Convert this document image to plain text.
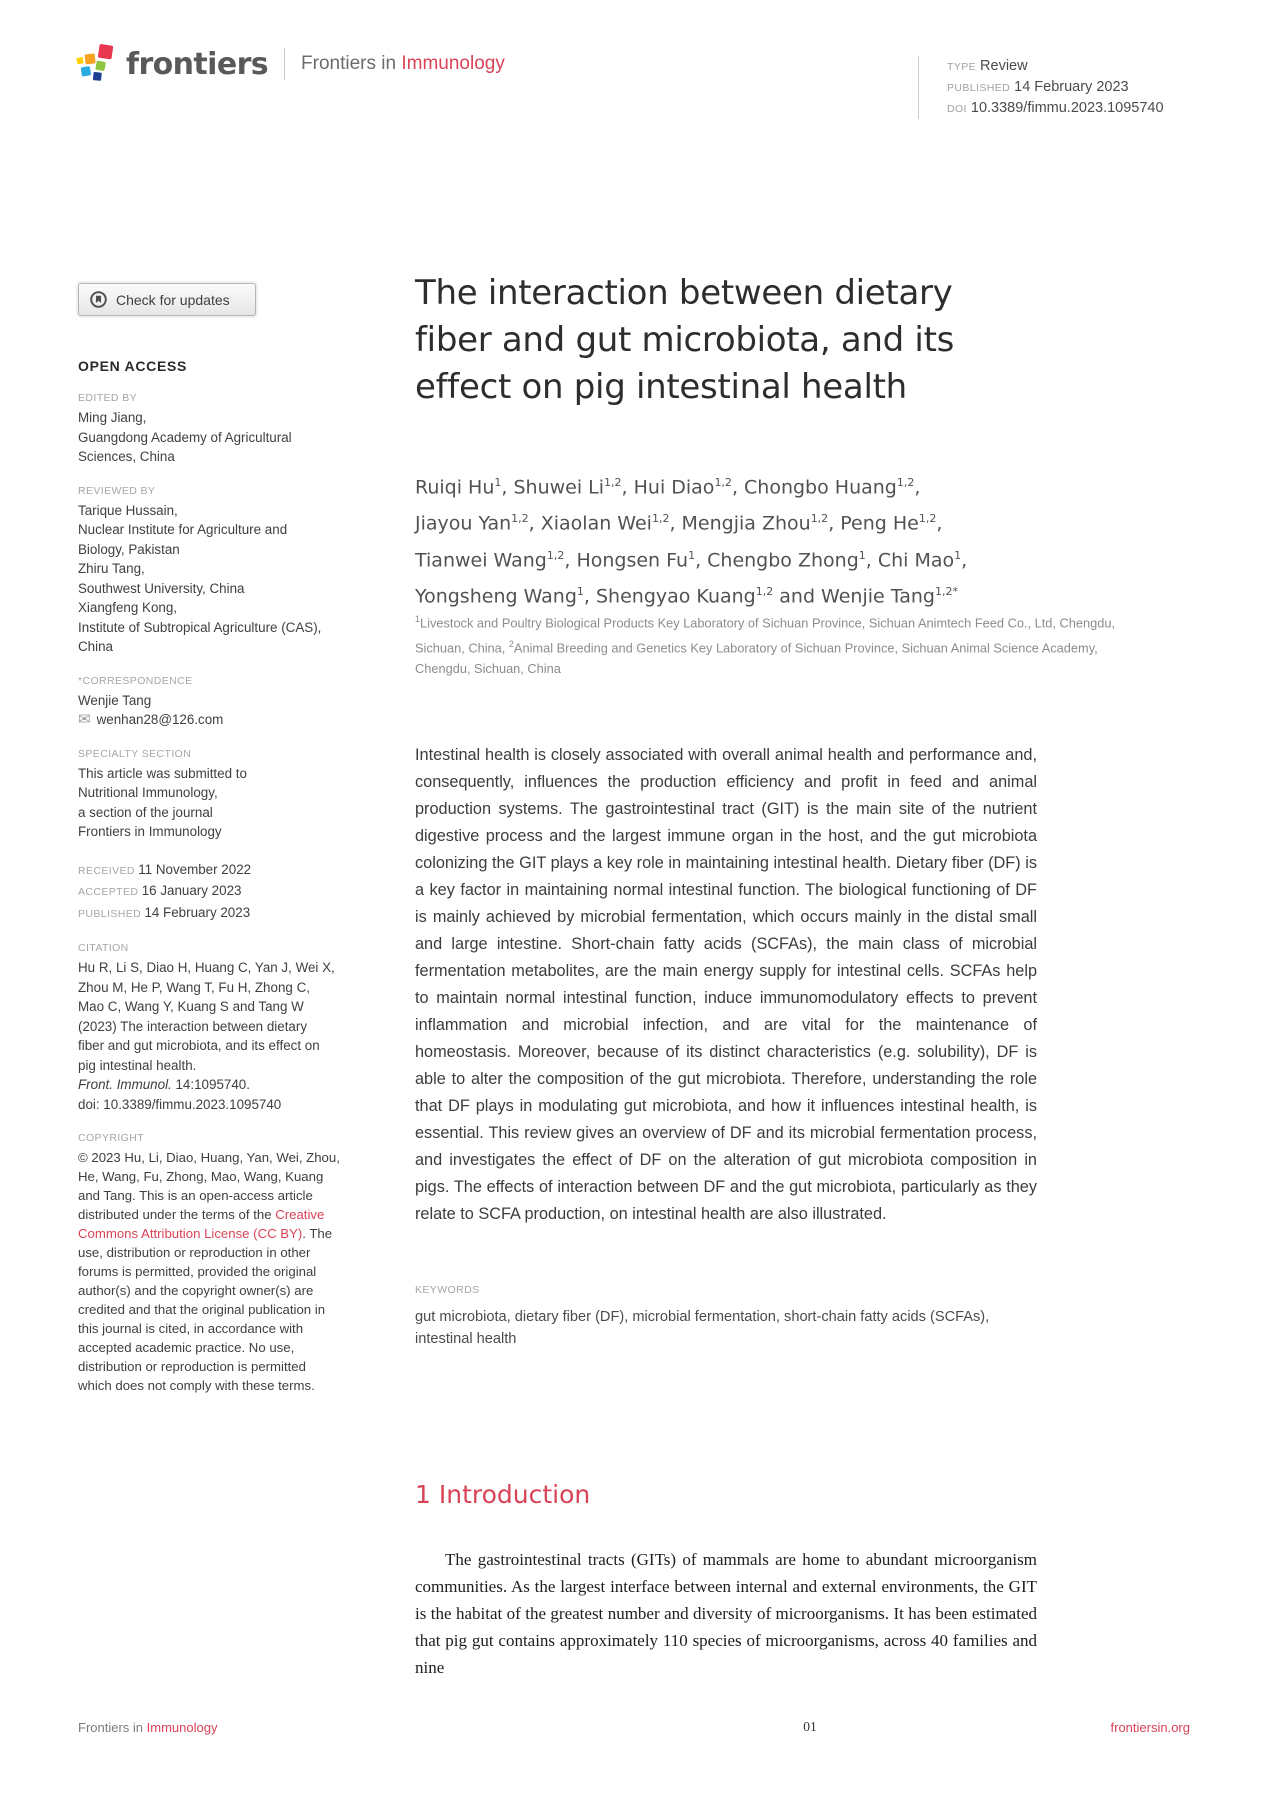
frontiers Frontiers in Immunology	TYPE Review
PUBLISHED 14 February 2023
DOI 10.3389/fimmu.2023.1095740
Check for updates
OPEN ACCESS
EDITED BY
Ming Jiang,
Guangdong Academy of Agricultural
Sciences, China
REVIEWED BY
Tarique Hussain,
Nuclear Institute for Agriculture and
Biology, Pakistan
Zhiru Tang,
Southwest University, China
Xiangfeng Kong,
Institute of Subtropical Agriculture (CAS),
China
*CORRESPONDENCE
Wenjie Tang
✉ wenhan28@126.com
SPECIALTY SECTION
This article was submitted to
Nutritional Immunology,
a section of the journal
Frontiers in Immunology
RECEIVED 11 November 2022
ACCEPTED 16 January 2023
PUBLISHED 14 February 2023
CITATION
Hu R, Li S, Diao H, Huang C, Yan J, Wei X,
Zhou M, He P, Wang T, Fu H, Zhong C,
Mao C, Wang Y, Kuang S and Tang W
(2023) The interaction between dietary
fiber and gut microbiota, and its effect on
pig intestinal health.
Front. Immunol. 14:1095740.
doi: 10.3389/fimmu.2023.1095740
COPYRIGHT

© 2023 Hu, Li, Diao, Huang, Yan, Wei, Zhou, He, Wang, Fu, Zhong, Mao, Wang, Kuang and Tang. This is an open-access article distributed under the terms of the Creative Commons Attribution License (CC BY). The use, distribution or reproduction in other forums is permitted, provided the original author(s) and the copyright owner(s) are credited and that the original publication in this journal is cited, in accordance with accepted academic practice. No use, distribution or reproduction is permitted which does not comply with these terms.

The interaction between dietary fiber and gut microbiota, and its effect on pig intestinal health
Ruiqi Hu$^1$, Shuwei Li$^{1,2}$, Hui Diao$^{1,2}$, Chongbo Huang$^{1,2}$,
Jiayou Yan$^{1,2}$, Xiaolan Wei$^{1,2}$, Mengjia Zhou$^{1,2}$, Peng He$^{1,2}$,
Tianwei Wang$^{1,2}$, Hongsen Fu$^1$, Chengbo Zhong$^1$, Chi Mao$^1$,
Yongsheng Wang$^1$, Shengyao Kuang$^{1,2}$ and Wenjie Tang$^{1,2*}$
$^1$Livestock and Poultry Biological Products Key Laboratory of Sichuan Province, Sichuan Animtech Feed Co., Ltd, Chengdu, Sichuan, China, $^2$Animal Breeding and Genetics Key Laboratory of Sichuan Province, Sichuan Animal Science Academy, Chengdu, Sichuan, China

Intestinal health is closely associated with overall animal health and performance and, consequently, influences the production efficiency and profit in feed and animal production systems. The gastrointestinal tract (GIT) is the main site of the nutrient digestive process and the largest immune organ in the host, and the gut microbiota colonizing the GIT plays a key role in maintaining intestinal health. Dietary fiber (DF) is a key factor in maintaining normal intestinal function. The biological functioning of DF is mainly achieved by microbial fermentation, which occurs mainly in the distal small and large intestine. Short-chain fatty acids (SCFAs), the main class of microbial fermentation metabolites, are the main energy supply for intestinal cells. SCFAs help to maintain normal intestinal function, induce immunomodulatory effects to prevent inflammation and microbial infection, and are vital for the maintenance of homeostasis. Moreover, because of its distinct characteristics (e.g. solubility), DF is able to alter the composition of the gut microbiota. Therefore, understanding the role that DF plays in modulating gut microbiota, and how it influences intestinal health, is essential. This review gives an overview of DF and its microbial fermentation process, and investigates the effect of DF on the alteration of gut microbiota composition in pigs. The effects of interaction between DF and the gut microbiota, particularly as they relate to SCFA production, on intestinal health are also illustrated.

KEYWORDS

gut microbiota, dietary fiber (DF), microbial fermentation, short-chain fatty acids (SCFAs), intestinal health

1 Introduction

The gastrointestinal tracts (GITs) of mammals are home to abundant microorganism communities. As the largest interface between internal and external environments, the GIT is the habitat of the greatest number and diversity of microorganisms. It has been estimated that pig gut contains approximately 110 species of microorganisms, across 40 families and nine

Frontiers in Immunology	01	frontiersin.org
